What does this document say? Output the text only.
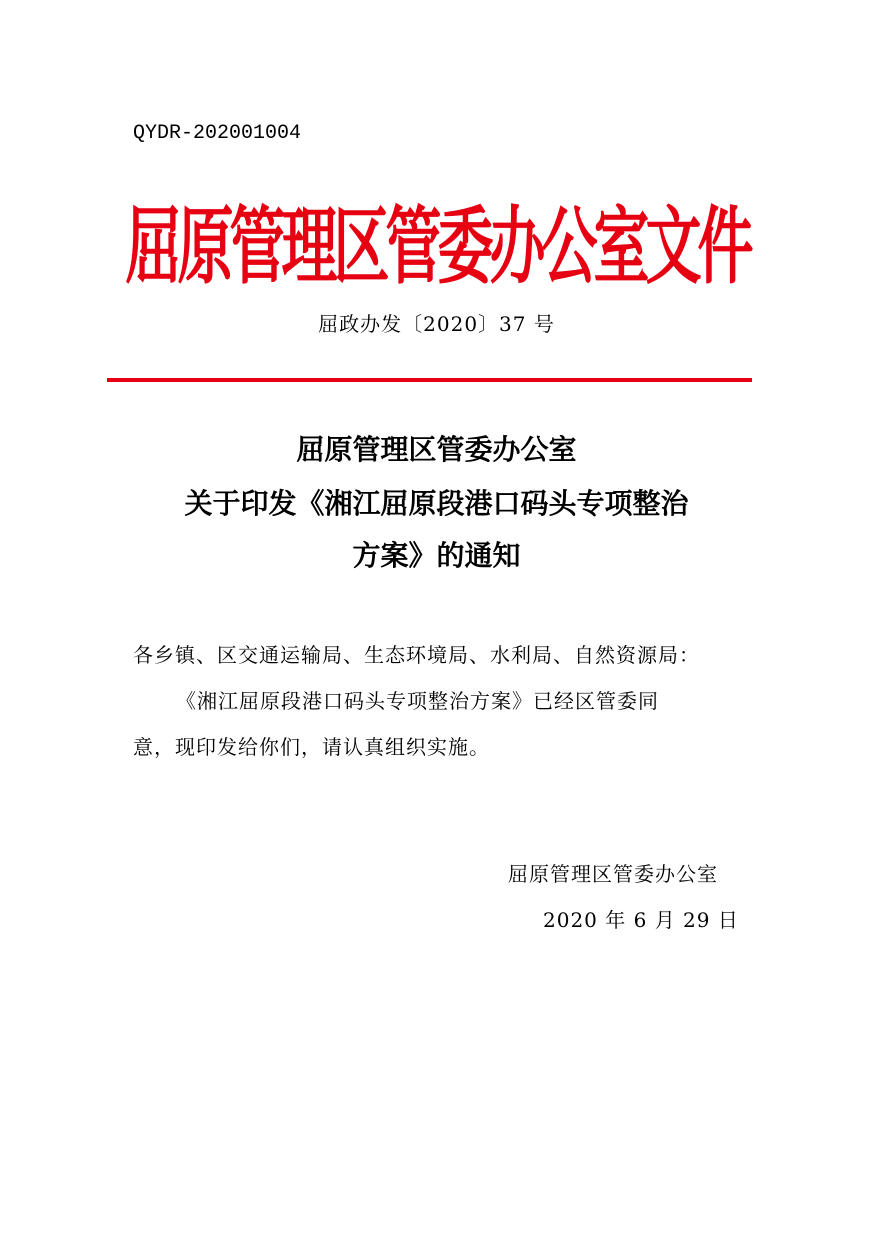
QYDR-202001004
屈原管理区管委办公室文件
屈政办发〔2020〕37 号
屈原管理区管委办公室
关于印发《湘江屈原段港口码头专项整治
方案》的通知
各乡镇、区交通运输局、生态环境局、水利局、自然资源局：
《湘江屈原段港口码头专项整治方案》已经区管委同
意，现印发给你们，请认真组织实施。
屈原管理区管委办公室
2020 年 6 月 29 日
